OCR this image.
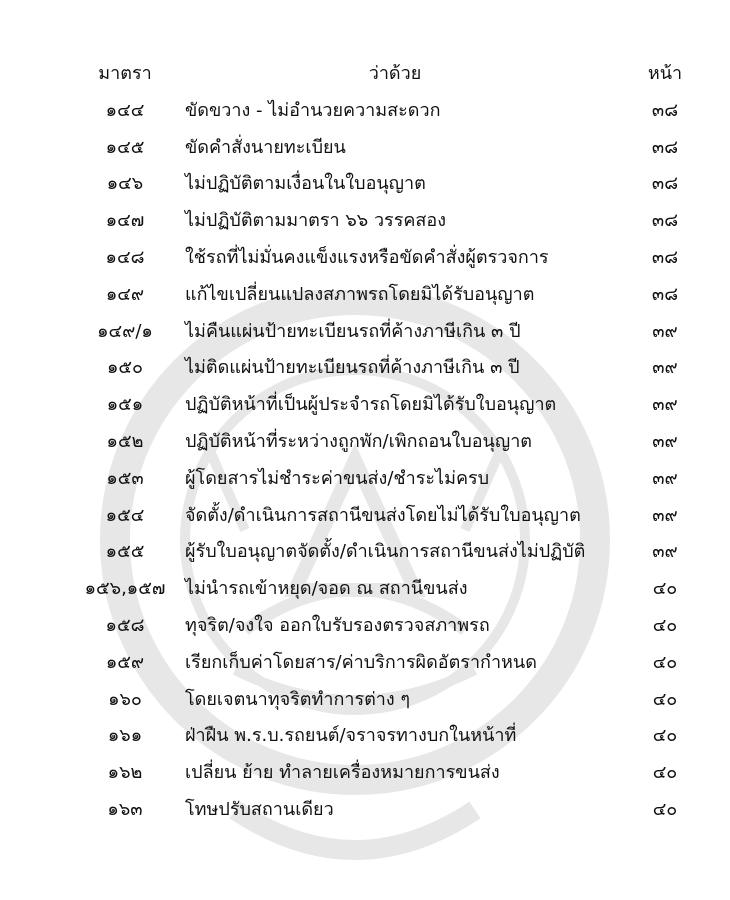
มาตรา	ว่าด้วย	หน้า
๑๔๔	ขัดขวาง - ไม่อำนวยความสะดวก	๓๘
๑๔๕	ขัดคำสั่งนายทะเบียน	๓๘
๑๔๖	ไม่ปฏิบัติตามเงื่อนในใบอนุญาต	๓๘
๑๔๗	ไม่ปฏิบัติตามมาตรา ๖๖ วรรคสอง	๓๘
๑๔๘	ใช้รถที่ไม่มั่นคงแข็งแรงหรือขัดคำสั่งผู้ตรวจการ	๓๘
๑๔๙	แก้ไขเปลี่ยนแปลงสภาพรถโดยมิได้รับอนุญาต	๓๘
๑๔๙/๑	ไม่คืนแผ่นป้ายทะเบียนรถที่ค้างภาษีเกิน ๓ ปี	๓๙
๑๕๐	ไม่ติดแผ่นป้ายทะเบียนรถที่ค้างภาษีเกิน ๓ ปี	๓๙
๑๕๑	ปฏิบัติหน้าที่เป็นผู้ประจำรถโดยมิได้รับใบอนุญาต	๓๙
๑๕๒	ปฏิบัติหน้าที่ระหว่างถูกพัก/เพิกถอนใบอนุญาต	๓๙
๑๕๓	ผู้โดยสารไม่ชำระค่าขนส่ง/ชำระไม่ครบ	๓๙
๑๕๔	จัดตั้ง/ดำเนินการสถานีขนส่งโดยไม่ได้รับใบอนุญาต	๓๙
๑๕๕	ผู้รับใบอนุญาตจัดตั้ง/ดำเนินการสถานีขนส่งไม่ปฏิบัติ	๓๙
๑๕๖,๑๕๗	ไม่นำรถเข้าหยุด/จอด ณ สถานีขนส่ง	๔๐
๑๕๘	ทุจริต/จงใจ ออกใบรับรองตรวจสภาพรถ	๔๐
๑๕๙	เรียกเก็บค่าโดยสาร/ค่าบริการผิดอัตรากำหนด	๔๐
๑๖๐	โดยเจตนาทุจริตทำการต่าง ๆ	๔๐
๑๖๑	ฝ่าฝืน พ.ร.บ.รถยนต์/จราจรทางบกในหน้าที่	๔๐
๑๖๒	เปลี่ยน ย้าย ทำลายเครื่องหมายการขนส่ง	๔๐
๑๖๓	โทษปรับสถานเดียว	๔๐
